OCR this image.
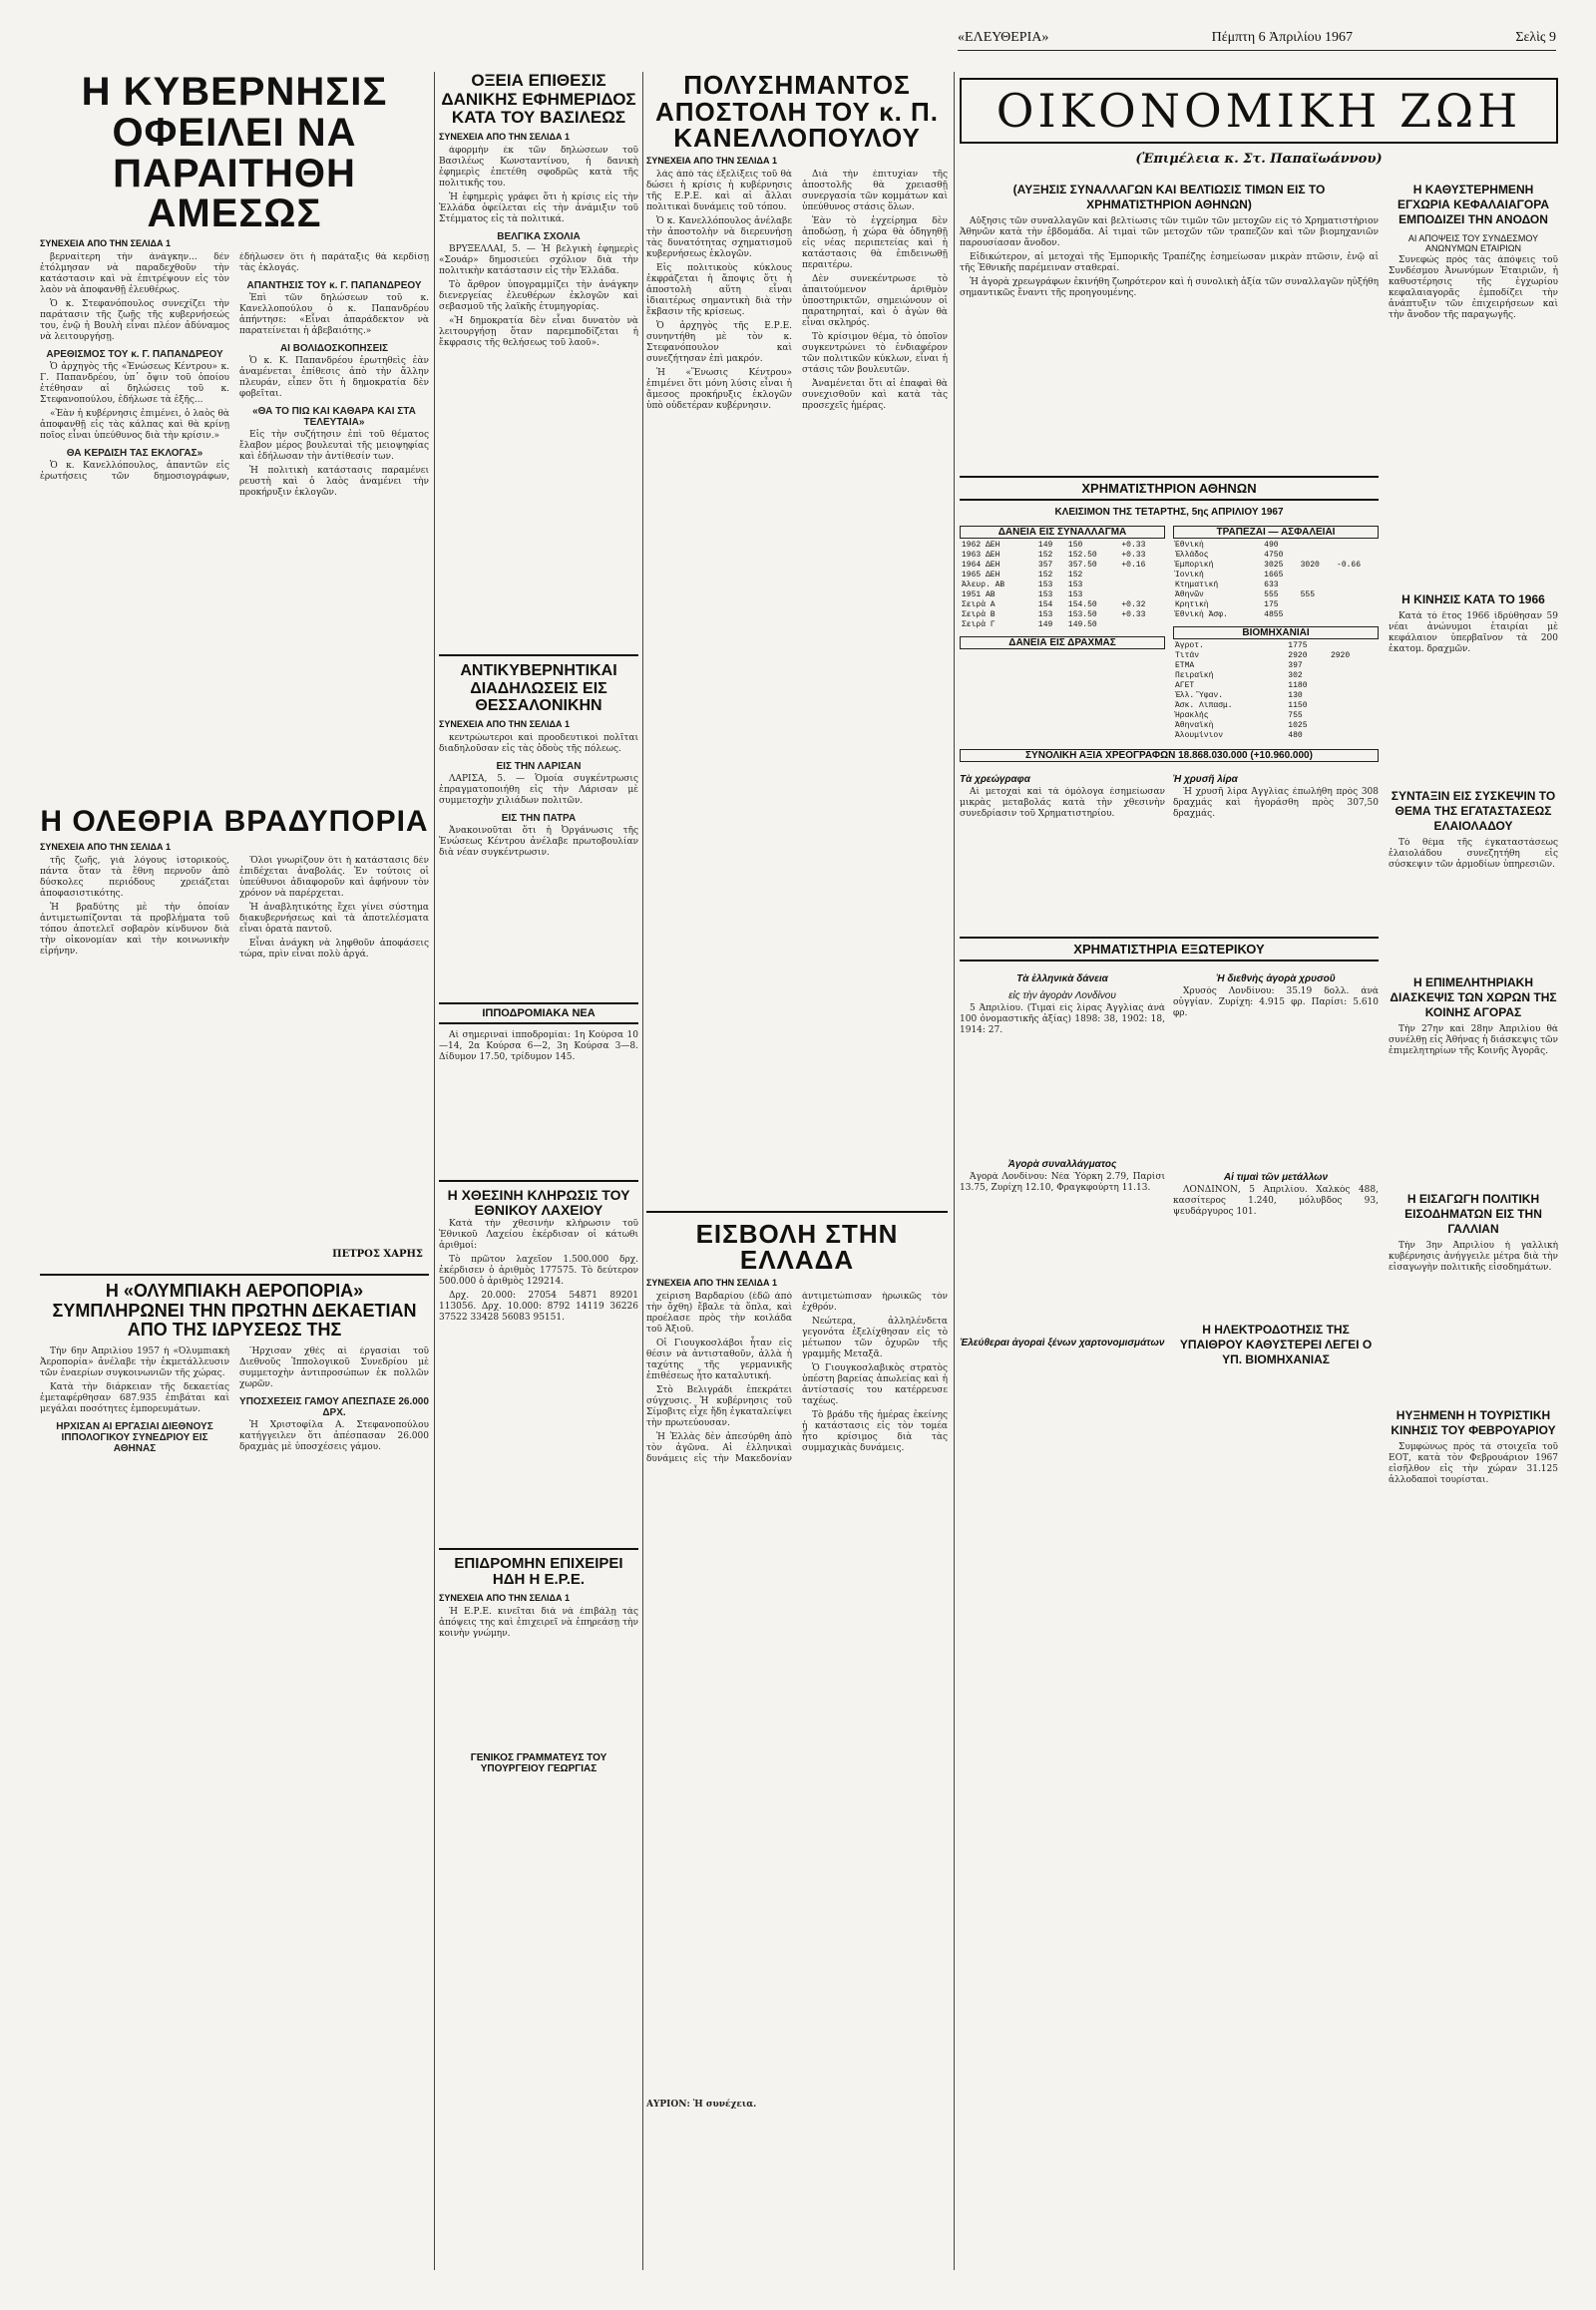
«ΕΛΕΥΘΕΡΙΑ»	Πέμπτη 6 Ἀπριλίου 1967	Σελὶς 9
Η ΚΥΒΕΡΝΗΣΙΣ ΟΦΕΙΛΕΙ ΝΑ ΠΑΡΑΙΤΗΘΗ ΑΜΕΣΩΣ
ΣΥΝΕΧΕΙΑ ΑΠΟ ΤΗΝ ΣΕΛΙΔΑ 1

βερναίτερη τὴν ἀνάγκην... δὲν ἐτόλμησαν νὰ παραδεχθοῦν τὴν κατάστασιν καὶ νὰ ἐπιτρέψουν εἰς τὸν λαὸν νὰ ἀποφανθῇ ἐλευθέρως.

Ὁ κ. Στεφανόπουλος συνεχίζει τὴν παράτασιν τῆς ζωῆς τῆς κυβερνήσεώς του, ἐνῷ ἡ Βουλὴ εἶναι πλέον ἀδύναμος νὰ λειτουργήσῃ.

ΑΡΕΘΙΣΜΟΣ ΤΟΥ κ. Γ. ΠΑΠΑΝΔΡΕΟΥ

Ὁ ἀρχηγὸς τῆς «Ἑνώσεως Κέντρου» κ. Γ. Παπανδρέου, ὑπ᾽ ὄψιν τοῦ ὁποίου ἐτέθησαν αἱ δηλώσεις τοῦ κ. Στεφανοπούλου, ἐδήλωσε τὰ ἑξῆς...

«Ἐὰν ἡ κυβέρνησις ἐπιμένει, ὁ λαὸς θὰ ἀποφανθῇ εἰς τὰς κάλπας καὶ θὰ κρίνῃ ποῖος εἶναι ὑπεύθυνος διὰ τὴν κρίσιν.»

ΘΑ ΚΕΡΔΙΣΗ ΤΑΣ ΕΚΛΟΓΑΣ»

Ὁ κ. Κανελλόπουλος, ἀπαντῶν εἰς ἐρωτήσεις τῶν δημοσιογράφων, ἐδήλωσεν ὅτι ἡ παράταξις θὰ κερδίσῃ τὰς ἐκλογάς.

ΑΠΑΝΤΗΣΙΣ ΤΟΥ κ. Γ. ΠΑΠΑΝΔΡΕΟΥ

Ἐπὶ τῶν δηλώσεων τοῦ κ. Κανελλοπούλου ὁ κ. Παπανδρέου ἀπήντησε: «Εἶναι ἀπαράδεκτον νὰ παρατείνεται ἡ ἀβεβαιότης.»

ΑΙ ΒΟΛΙΔΟΣΚΟΠΗΣΕΙΣ

Ὁ κ. Κ. Παπανδρέου ἐρωτηθεὶς ἐὰν ἀναμένεται ἐπίθεσις ἀπὸ τὴν ἄλλην πλευράν, εἶπεν ὅτι ἡ δημοκρατία δὲν φοβεῖται.

«ΘΑ ΤΟ ΠΙΩ ΚΑΙ ΚΑΘΑΡΑ ΚΑΙ ΣΤΑ ΤΕΛΕΥΤΑΙΑ»

Εἰς τὴν συζήτησιν ἐπὶ τοῦ θέματος ἔλαβον μέρος βουλευταὶ τῆς μειοψηφίας καὶ ἐδήλωσαν τὴν ἀντίθεσίν των.

Ἡ πολιτικὴ κατάστασις παραμένει ρευστὴ καὶ ὁ λαὸς ἀναμένει τὴν προκήρυξιν ἐκλογῶν.

Η ΟΛΕΘΡΙΑ ΒΡΑΔΥΠΟΡΙΑ
ΣΥΝΕΧΕΙΑ ΑΠΟ ΤΗΝ ΣΕΛΙΔΑ 1

τῆς ζωῆς, γιὰ λόγους ἱστορικούς, πάντα ὅταν τὰ ἔθνη περνοῦν ἀπὸ δύσκολες περιόδους χρειάζεται ἀποφασιστικότης.

Ἡ βραδύτης μὲ τὴν ὁποίαν ἀντιμετωπίζονται τὰ προβλήματα τοῦ τόπου ἀποτελεῖ σοβαρὸν κίνδυνον διὰ τὴν οἰκονομίαν καὶ τὴν κοινωνικὴν εἰρήνην.

Ὅλοι γνωρίζουν ὅτι ἡ κατάστασις δὲν ἐπιδέχεται ἀναβολάς. Ἐν τούτοις οἱ ὑπεύθυνοι ἀδιαφοροῦν καὶ ἀφήνουν τὸν χρόνον νὰ παρέρχεται.

Ἡ ἀναβλητικότης ἔχει γίνει σύστημα διακυβερνήσεως καὶ τὰ ἀποτελέσματα εἶναι ὁρατὰ παντοῦ.

Εἶναι ἀνάγκη νὰ ληφθοῦν ἀποφάσεις τώρα, πρὶν εἶναι πολὺ ἀργά.

ΠΕΤΡΟΣ ΧΑΡΗΣ
Η «ΟΛΥΜΠΙΑΚΗ ΑΕΡΟΠΟΡΙΑ» ΣΥΜΠΛΗΡΩΝΕΙ ΤΗΝ ΠΡΩΤΗΝ ΔΕΚΑΕΤΙΑΝ ΑΠΟ ΤΗΣ ΙΔΡΥΣΕΩΣ ΤΗΣ

Τὴν 6ην Ἀπριλίου 1957 ἡ «Ὀλυμπιακὴ Ἀεροπορία» ἀνέλαβε τὴν ἐκμετάλλευσιν τῶν ἐναερίων συγκοινωνιῶν τῆς χώρας.

Κατὰ τὴν διάρκειαν τῆς δεκαετίας ἐμεταφέρθησαν 687.935 ἐπιβάται καὶ μεγάλαι ποσότητες ἐμπορευμάτων.

ΗΡΧΙΣΑΝ ΑΙ ΕΡΓΑΣΙΑΙ ΔΙΕΘΝΟΥΣ ΙΠΠΟΛΟΓΙΚΟΥ ΣΥΝΕΔΡΙΟΥ ΕΙΣ ΑΘΗΝΑΣ

Ἤρχισαν χθὲς αἱ ἐργασίαι τοῦ Διεθνοῦς Ἱππολογικοῦ Συνεδρίου μὲ συμμετοχὴν ἀντιπροσώπων ἐκ πολλῶν χωρῶν.

ΥΠΟΣΧΕΣΕΙΣ ΓΑΜΟΥ ΑΠΕΣΠΑΣΕ 26.000 ΔΡΧ.

Ἡ Χριστοφίλα Α. Στεφανοπούλου κατήγγειλεν ὅτι ἀπέσπασαν 26.000 δραχμὰς μὲ ὑποσχέσεις γάμου.

ΟΞΕΙΑ ΕΠΙΘΕΣΙΣ ΔΑΝΙΚΗΣ ΕΦΗΜΕΡΙΔΟΣ ΚΑΤΑ ΤΟΥ ΒΑΣΙΛΕΩΣ
ΣΥΝΕΧΕΙΑ ΑΠΟ ΤΗΝ ΣΕΛΙΔΑ 1

ἀφορμὴν ἐκ τῶν δηλώσεων τοῦ Βασιλέως Κωνσταντίνου, ἡ δανικὴ ἐφημερὶς ἐπετέθη σφοδρῶς κατὰ τῆς πολιτικῆς του.

Ἡ ἐφημερὶς γράφει ὅτι ἡ κρίσις εἰς τὴν Ἑλλάδα ὀφείλεται εἰς τὴν ἀνάμιξιν τοῦ Στέμματος εἰς τὰ πολιτικά.

ΒΕΛΓΙΚΑ ΣΧΟΛΙΑ

ΒΡΥΞΕΛΛΑΙ, 5. — Ἡ βελγικὴ ἐφημερὶς «Σουάρ» δημοσιεύει σχόλιον διὰ τὴν πολιτικὴν κατάστασιν εἰς τὴν Ἑλλάδα.

Τὸ ἄρθρον ὑπογραμμίζει τὴν ἀνάγκην διενεργείας ἐλευθέρων ἐκλογῶν καὶ σεβασμοῦ τῆς λαϊκῆς ἐτυμηγορίας.

«Ἡ δημοκρατία δὲν εἶναι δυνατὸν νὰ λειτουργήσῃ ὅταν παρεμποδίζεται ἡ ἔκφρασις τῆς θελήσεως τοῦ λαοῦ».

ΑΝΤΙΚΥΒΕΡΝΗΤΙΚΑΙ ΔΙΑΔΗΛΩΣΕΙΣ ΕΙΣ ΘΕΣΣΑΛΟΝΙΚΗΝ
ΣΥΝΕΧΕΙΑ ΑΠΟ ΤΗΝ ΣΕΛΙΔΑ 1

κεντρώωτεροι καὶ προοδευτικοὶ πολῖται διαδηλοῦσαν εἰς τὰς ὁδοὺς τῆς πόλεως.

ΕΙΣ ΤΗΝ ΛΑΡΙΣΑΝ

ΛΑΡΙΣΑ, 5. — Ὁμοία συγκέντρωσις ἐπραγματοποιήθη εἰς τὴν Λάρισαν μὲ συμμετοχὴν χιλιάδων πολιτῶν.

ΕΙΣ ΤΗΝ ΠΑΤΡΑ

Ἀνακοινοῦται ὅτι ἡ Ὀργάνωσις τῆς Ἑνώσεως Κέντρου ἀνέλαβε πρωτοβουλίαν διὰ νέαν συγκέντρωσιν.

ΙΠΠΟΔΡΟΜΙΑΚΑ ΝΕΑ

Αἱ σημεριναὶ ἱπποδρομίαι: 1η Κούρσα 10—14, 2α Κούρσα 6—2, 3η Κούρσα 3—8. Δίδυμον 17.50, τρίδυμον 145.

Η ΧΘΕΣΙΝΗ ΚΛΗΡΩΣΙΣ ΤΟΥ ΕΘΝΙΚΟΥ ΛΑΧΕΙΟΥ

Κατὰ τὴν χθεσινὴν κλήρωσιν τοῦ Ἐθνικοῦ Λαχείου ἐκέρδισαν οἱ κάτωθι ἀριθμοί:

Τὸ πρῶτον λαχεῖον 1.500.000 δρχ. ἐκέρδισεν ὁ ἀριθμὸς 177575. Τὸ δεύτερον 500.000 ὁ ἀριθμὸς 129214.

Δρχ. 20.000: 27054 54871 89201 113056. Δρχ. 10.000: 8792 14119 36226 37522 33428 56083 95151.

ΕΠΙΔΡΟΜΗΝ ΕΠΙΧΕΙΡΕΙ ΗΔΗ Η Ε.Ρ.Ε.
ΣΥΝΕΧΕΙΑ ΑΠΟ ΤΗΝ ΣΕΛΙΔΑ 1

Ἡ Ε.Ρ.Ε. κινεῖται διὰ νὰ ἐπιβάλῃ τὰς ἀπόψεις της καὶ ἐπιχειρεῖ νὰ ἐπηρεάσῃ τὴν κοινὴν γνώμην.

ΓΕΝΙΚΟΣ ΓΡΑΜΜΑΤΕΥΣ ΤΟΥ ΥΠΟΥΡΓΕΙΟΥ ΓΕΩΡΓΙΑΣ
ΠΟΛΥΣΗΜΑΝΤΟΣ ΑΠΟΣΤΟΛΗ ΤΟΥ κ. Π. ΚΑΝΕΛΛΟΠΟΥΛΟΥ
ΣΥΝΕΧΕΙΑ ΑΠΟ ΤΗΝ ΣΕΛΙΔΑ 1

λάς ἀπὸ τὰς ἐξελίξεις τοῦ θὰ δώσει ἡ κρίσις ἡ κυβέρνησις τῆς Ε.Ρ.Ε. καὶ αἱ ἄλλαι πολιτικαὶ δυνάμεις τοῦ τόπου.

Ὁ κ. Κανελλόπουλος ἀνέλαβε τὴν ἀποστολὴν νὰ διερευνήσῃ τὰς δυνατότητας σχηματισμοῦ κυβερνήσεως ἐκλογῶν.

Εἰς πολιτικοὺς κύκλους ἐκφράζεται ἡ ἄποψις ὅτι ἡ ἀποστολὴ αὕτη εἶναι ἰδιαιτέρως σημαντικὴ διὰ τὴν ἔκβασιν τῆς κρίσεως.

Ὁ ἀρχηγὸς τῆς Ε.Ρ.Ε. συνηντήθη μὲ τὸν κ. Στεφανόπουλον καὶ συνεζήτησαν ἐπὶ μακρόν.

Ἡ «Ἕνωσις Κέντρου» ἐπιμένει ὅτι μόνη λύσις εἶναι ἡ ἄμεσος προκήρυξις ἐκλογῶν ὑπὸ οὐδετέραν κυβέρνησιν.

Διὰ τὴν ἐπιτυχίαν τῆς ἀποστολῆς θὰ χρειασθῇ συνεργασία τῶν κομμάτων καὶ ὑπεύθυνος στάσις ὅλων.

Ἐὰν τὸ ἐγχείρημα δὲν ἀποδώσῃ, ἡ χώρα θὰ ὁδηγηθῇ εἰς νέας περιπετείας καὶ ἡ κατάστασις θὰ ἐπιδεινωθῇ περαιτέρω.

Δὲν συνεκέντρωσε τὸ ἀπαιτούμενον ἀριθμὸν ὑποστηρικτῶν, σημειώνουν οἱ παρατηρηταί, καὶ ὁ ἀγὼν θὰ εἶναι σκληρός.

Τὸ κρίσιμον θέμα, τὸ ὁποῖον συγκεντρώνει τὸ ἐνδιαφέρον τῶν πολιτικῶν κύκλων, εἶναι ἡ στάσις τῶν βουλευτῶν.

Ἀναμένεται ὅτι αἱ ἐπαφαὶ θὰ συνεχισθοῦν καὶ κατὰ τὰς προσεχεῖς ἡμέρας.

ΕΙΣΒΟΛΗ ΣΤΗΝ ΕΛΛΑΔΑ
ΣΥΝΕΧΕΙΑ ΑΠΟ ΤΗΝ ΣΕΛΙΔΑ 1

χείριση Βαρδαρίου (ἐδῶ ἀπὸ τὴν ὄχθη) ἔβαλε τὰ ὅπλα, καὶ προέλασε πρὸς τὴν κοιλάδα τοῦ Ἀξιοῦ.

Οἱ Γιουγκοσλάβοι ἦταν εἰς θέσιν νὰ ἀντισταθοῦν, ἀλλὰ ἡ ταχύτης τῆς γερμανικῆς ἐπιθέσεως ἦτο καταλυτική.

Στὸ Βελιγράδι ἐπεκράτει σύγχυσις. Ἡ κυβέρνησις τοῦ Σίμοβιτς εἶχε ἤδη ἐγκαταλείψει τὴν πρωτεύουσαν.

Ἡ Ἑλλὰς δὲν ἀπεσύρθη ἀπὸ τὸν ἀγῶνα. Αἱ ἑλληνικαὶ δυνάμεις εἰς τὴν Μακεδονίαν ἀντιμετώπισαν ἡρωικῶς τὸν ἐχθρόν.

Νεώτερα, ἀλληλένδετα γεγονότα ἐξελίχθησαν εἰς τὸ μέτωπον τῶν ὀχυρῶν τῆς γραμμῆς Μεταξᾶ.

Ὁ Γιουγκοσλαβικὸς στρατὸς ὑπέστη βαρείας ἀπωλείας καὶ ἡ ἀντίστασίς του κατέρρευσε ταχέως.

Τὸ βράδυ τῆς ἡμέρας ἐκείνης ἡ κατάστασις εἰς τὸν τομέα ἦτο κρίσιμος διὰ τὰς συμμαχικὰς δυνάμεις.

ΑΥΡΙΟΝ: Ἡ συνέχεια.
ΟΙΚΟΝΟΜΙΚΗ ΖΩΗ
(Ἐπιμέλεια κ. Στ. Παπαϊωάννου)
(ΑΥΞΗΣΙΣ ΣΥΝΑΛΛΑΓΩΝ ΚΑΙ ΒΕΛΤΙΩΣΙΣ ΤΙΜΩΝ ΕΙΣ ΤΟ ΧΡΗΜΑΤΙΣΤΗΡΙΟΝ ΑΘΗΝΩΝ)

Αὔξησις τῶν συναλλαγῶν καὶ βελτίωσις τῶν τιμῶν τῶν μετοχῶν εἰς τὸ Χρηματιστήριον Ἀθηνῶν κατὰ τὴν ἑβδομάδα. Αἱ τιμαὶ τῶν μετοχῶν τῶν τραπεζῶν καὶ τῶν βιομηχανιῶν παρουσίασαν ἄνοδον.

Εἰδικώτερον, αἱ μετοχαὶ τῆς Ἐμπορικῆς Τραπέζης ἐσημείωσαν μικρὰν πτῶσιν, ἐνῷ αἱ τῆς Ἐθνικῆς παρέμειναν σταθεραί.

Ἡ ἀγορὰ χρεωγράφων ἐκινήθη ζωηρότερον καὶ ἡ συνολικὴ ἀξία τῶν συναλλαγῶν ηὐξήθη σημαντικῶς ἔναντι τῆς προηγουμένης.

ΧΡΗΜΑΤΙΣΤΗΡΙΟΝ ΑΘΗΝΩΝ
ΚΛΕΙΣΙΜΟΝ ΤΗΣ ΤΕΤΑΡΤΗΣ, 5ης ΑΠΡΙΛΙΟΥ 1967
ΔΑΝΕΙΑ ΕΙΣ ΣΥΝΑΛΛΑΓΜΑ
1962 ΔΕΗ	149	150	+0.33
1963 ΔΕΗ	152	152.50	+0.33
1964 ΔΕΗ	357	357.50	+0.16
1965 ΔΕΗ	152	152	
Ἀλευρ. ΑΒ	153	153	
1951 ΑΒ	153	153	
Σειρὰ Α	154	154.50	+0.32
Σειρὰ Β	153	153.50	+0.33
Σειρὰ Γ	149	149.50	
ΔΑΝΕΙΑ ΕΙΣ ΔΡΑΧΜΑΣ
ΤΡΑΠΕΖΑΙ — ΑΣΦΑΛΕΙΑΙ
Ἐθνικὴ	490		
Ἑλλάδος	4750		
Ἐμπορική	3025	3020	-0.66
Ἰονική	1665		
Κτηματική	633		
Ἀθηνῶν	555	555	
Κρητικὴ	175		
Ἐθνικὴ Ἀσφ.	4855		
ΒΙΟΜΗΧΑΝΙΑΙ
Ἀγροτ.	1775		
Τιτάν	2920	2920	
ΕΤΜΑ	397		
Πειραϊκή	302		
ΑΓΕΤ	1180		
Ἑλλ. Ὕφαν.	130		
Ἀσκ. Λιπασμ.	1150		
Ἡρακλής	755		
Ἀθηναϊκὴ	1025		
Ἀλουμίνιον	480		
ΣΥΝΟΛΙΚΗ ΑΞΙΑ ΧΡΕΟΓΡΑΦΩΝ 18.868.030.000 (+10.960.000)
Τὰ χρεώγραφα

Αἱ μετοχαὶ καὶ τὰ ὁμόλογα ἐσημείωσαν μικρὰς μεταβολάς κατὰ τὴν χθεσινὴν συνεδρίασιν τοῦ Χρηματιστηρίου.

Ἡ χρυσῆ λίρα

Ἡ χρυσῆ λίρα Ἀγγλίας ἐπωλήθη πρὸς 308 δραχμάς καὶ ἠγοράσθη πρὸς 307,50 δραχμάς.

ΧΡΗΜΑΤΙΣΤΗΡΙΑ ΕΞΩΤΕΡΙΚΟΥ
Τὰ ἑλληνικὰ δάνεια
εἰς τὴν ἀγορὰν Λονδίνου

5 Ἀπριλίου. (Τιμαὶ εἰς λίρας Ἀγγλίας ἀνὰ 100 ὀνομαστικῆς ἀξίας) 1898: 38, 1902: 18, 1914: 27.

Ἀγορὰ συναλλάγματος

Ἀγορὰ Λονδίνου: Νέα Ὑόρκη 2.79, Παρίσι 13.75, Ζυρίχη 12.10, Φραγκφούρτη 11.13.

Ἐλεύθεραι ἀγοραὶ ξένων χαρτονομισμάτων
Ἡ διεθνὴς ἀγορὰ χρυσοῦ

Χρυσὸς Λονδίνου: 35.19 δολλ. ἀνὰ οὐγγίαν. Ζυρίχη: 4.915 φρ. Παρίσι: 5.610 φρ.

Αἱ τιμαὶ τῶν μετάλλων

ΛΟΝΔΙΝΟΝ, 5 Ἀπριλίου. Χαλκὸς 488, κασσίτερος 1.240, μόλυβδος 93, ψευδάργυρος 101.

Η ΗΛΕΚΤΡΟΔΟΤΗΣΙΣ ΤΗΣ ΥΠΑΙΘΡΟΥ ΚΑΘΥΣΤΕΡΕΙ ΛΕΓΕΙ Ο ΥΠ. ΒΙΟΜΗΧΑΝΙΑΣ
Η ΚΑΘΥΣΤΕΡΗΜΕΝΗ ΕΓΧΩΡΙΑ ΚΕΦΑΛΑΙΑΓΟΡΑ ΕΜΠΟΔΙΖΕΙ ΤΗΝ ΑΝΟΔΟΝ
ΑΙ ΑΠΟΨΕΙΣ ΤΟΥ ΣΥΝΔΕΣΜΟΥ ΑΝΩΝΥΜΩΝ ΕΤΑΙΡΙΩΝ

Συνεφώς πρὸς τὰς ἀπόψεις τοῦ Συνδέσμου Ἀνωνύμων Ἑταιριῶν, ἡ καθυστέρησις τῆς ἐγχωρίου κεφαλαιαγορᾶς ἐμποδίζει τὴν ἀνάπτυξιν τῶν ἐπιχειρήσεων καὶ τὴν ἄνοδον τῆς παραγωγῆς.

Η ΚΙΝΗΣΙΣ ΚΑΤΑ ΤΟ 1966

Κατὰ τὸ ἔτος 1966 ἱδρύθησαν 59 νέαι ἀνώνυμοι ἑταιρίαι μὲ κεφάλαιον ὑπερβαῖνον τὰ 200 ἑκατομ. δραχμῶν.

ΣΥΝΤΑΞΙΝ ΕΙΣ ΣΥΣΚΕΨΙΝ ΤΟ ΘΕΜΑ ΤΗΣ ΕΓΑΤΑΣΤΑΣΕΩΣ ΕΛΑΙΟΛΑΔΟΥ

Τὸ θέμα τῆς ἐγκαταστάσεως ἐλαιολάδου συνεζητήθη εἰς σύσκεψιν τῶν ἁρμοδίων ὑπηρεσιῶν.

Η ΕΠΙΜΕΛΗΤΗΡΙΑΚΗ ΔΙΑΣΚΕΨΙΣ ΤΩΝ ΧΩΡΩΝ ΤΗΣ ΚΟΙΝΗΣ ΑΓΟΡΑΣ

Τὴν 27ην καὶ 28ην Ἀπριλίου θὰ συνέλθῃ εἰς Ἀθήνας ἡ διάσκεψις τῶν ἐπιμελητηρίων τῆς Κοινῆς Ἀγορᾶς.

Η ΕΙΣΑΓΩΓΗ ΠΟΛΙΤΙΚΗ ΕΙΣΟΔΗΜΑΤΩΝ ΕΙΣ ΤΗΝ ΓΑΛΛΙΑΝ

Τὴν 3ην Ἀπριλίου ἡ γαλλικὴ κυβέρνησις ἀνήγγειλε μέτρα διὰ τὴν εἰσαγωγὴν πολιτικῆς εἰσοδημάτων.

ΗΥΞΗΜΕΝΗ Η ΤΟΥΡΙΣΤΙΚΗ ΚΙΝΗΣΙΣ ΤΟΥ ΦΕΒΡΟΥΑΡΙΟΥ

Συμφώνως πρὸς τὰ στοιχεῖα τοῦ ΕΟΤ, κατὰ τὸν Φεβρουάριον 1967 εἰσῆλθον εἰς τὴν χώραν 31.125 ἀλλοδαποὶ τουρίσται.
